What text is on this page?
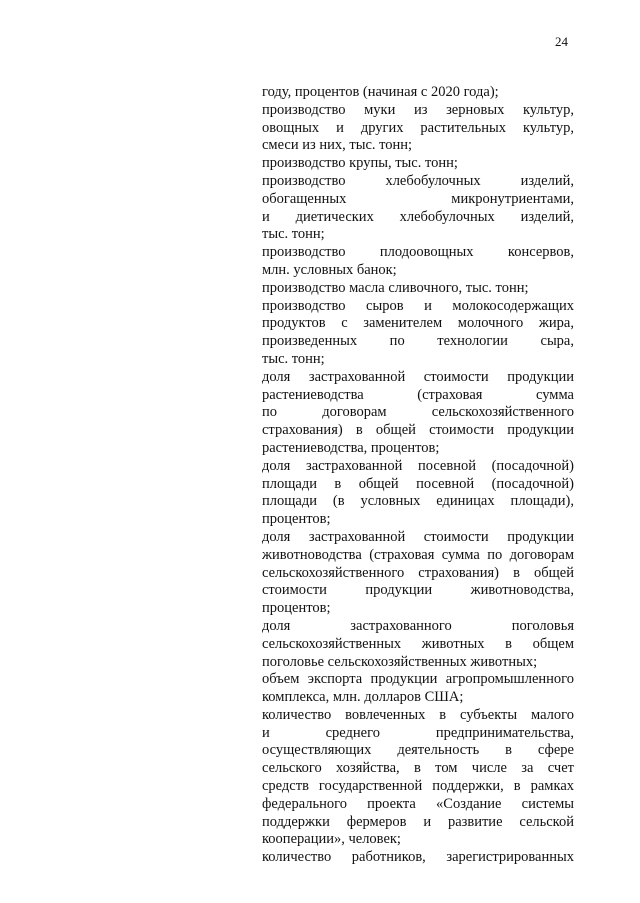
24
году, процентов (начиная с 2020 года);
производство муки из зерновых культур,
овощных и других растительных культур,
смеси из них, тыс. тонн;
производство крупы, тыс. тонн;
производство хлебобулочных изделий,
обогащенных микронутриентами,
и диетических хлебобулочных изделий,
тыс. тонн;
производство плодоовощных консервов,
млн. условных банок;
производство масла сливочного, тыс. тонн;
производство сыров и молокосодержащих
продуктов с заменителем молочного жира,
произведенных по технологии сыра,
тыс. тонн;
доля застрахованной стоимости продукции
растениеводства (страховая сумма
по договорам сельскохозяйственного
страхования) в общей стоимости продукции
растениеводства, процентов;
доля застрахованной посевной (посадочной)
площади в общей посевной (посадочной)
площади (в условных единицах площади),
процентов;
доля застрахованной стоимости продукции
животноводства (страховая сумма по договорам
сельскохозяйственного страхования) в общей
стоимости продукции животноводства,
процентов;
доля застрахованного поголовья
сельскохозяйственных животных в общем
поголовье сельскохозяйственных животных;
объем экспорта продукции агропромышленного
комплекса, млн. долларов США;
количество вовлеченных в субъекты малого
и среднего предпринимательства,
осуществляющих деятельность в сфере
сельского хозяйства, в том числе за счет
средств государственной поддержки, в рамках
федерального проекта «Создание системы
поддержки фермеров и развитие сельской
кооперации», человек;
количество работников, зарегистрированных
